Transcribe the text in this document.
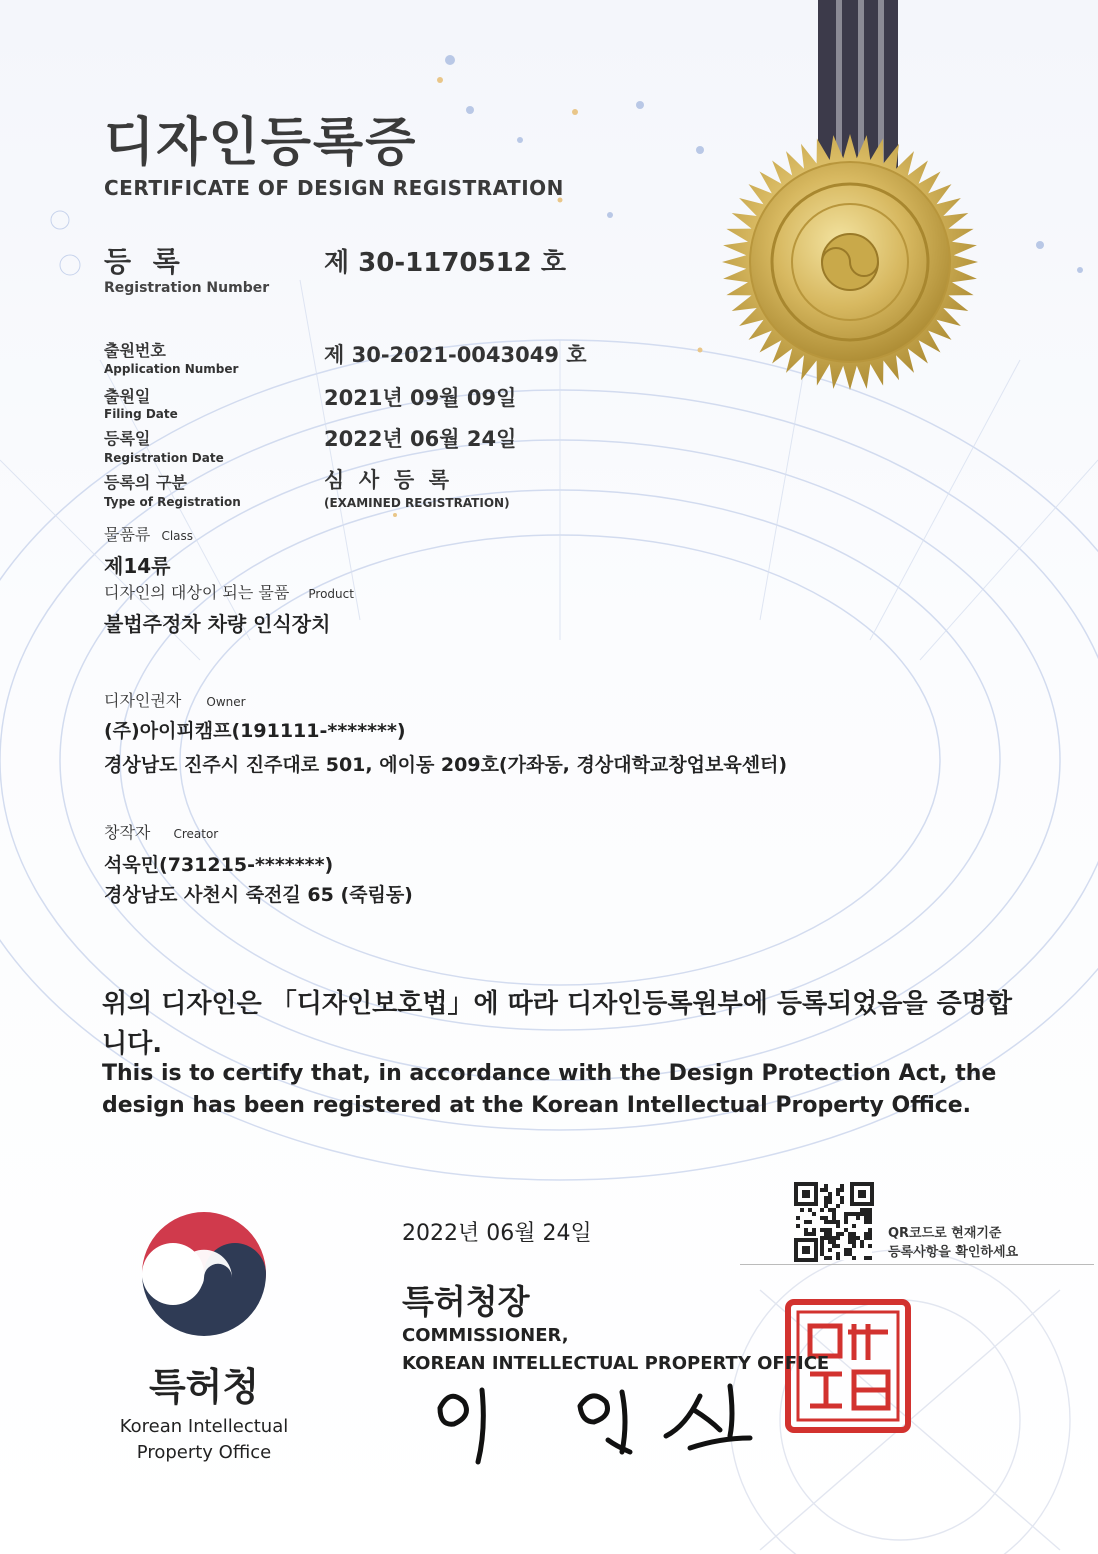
디자인등록증
CERTIFICATE OF DESIGN REGISTRATION
등 록
Registration Number
제 30-1170512 호
출원번호
Application Number
제 30-2021-0043049 호
출원일
Filing Date
2021년 09월 09일
등록일
Registration Date
2022년 06월 24일
등록의 구분
Type of Registration
심  사  등  록
(EXAMINED REGISTRATION)
물품류 Class
제14류
디자인의 대상이 되는 물품 Product
불법주정차 차량 인식장치
디자인권자 Owner
(주)아이피캠프(191111-*******)
경상남도 진주시 진주대로 501, 에이동 209호(가좌동, 경상대학교창업보육센터)
창작자 Creator
석욱민(731215-*******)
경상남도 사천시 죽전길 65 (죽림동)
위의 디자인은 「디자인보호법」에 따라 디자인등록원부에 등록되었음을 증명합니다.
This is to certify that, in accordance with the Design Protection Act, the design has been registered at the Korean Intellectual Property Office.
2022년 06월 24일
특허청장
COMMISSIONER,
KOREAN INTELLECTUAL PROPERTY OFFICE
QR코드로 현재기준
등록사항을 확인하세요
특허청
Korean Intellectual
Property Office
